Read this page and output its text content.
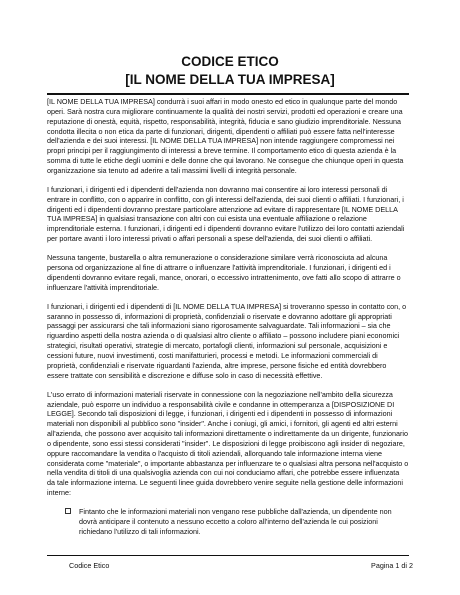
CODICE ETICO
[IL NOME DELLA TUA IMPRESA]

[IL NOME DELLA TUA IMPRESA] condurrà i suoi affari in modo onesto ed etico in qualunque parte del mondo operi. Sarà nostra cura migliorare continuamente la qualità dei nostri servizi, prodotti ed operazioni e creare una reputazione di onestà, equità, rispetto, responsabilità, integrità, fiducia e sano giudizio imprenditoriale. Nessuna condotta illecita o non etica da parte di funzionari, dirigenti, dipendenti o affiliati può essere fatta nell'interesse dell'azienda e dei suoi interessi. [IL NOME DELLA TUA IMPRESA] non intende raggiungere compromessi nei propri principi per il raggiungimento di interessi a breve termine. Il comportamento etico di questa azienda è la somma di tutte le etiche degli uomini e delle donne che qui lavorano. Ne consegue che chiunque operi in questa organizzazione sia tenuto ad aderire a tali massimi livelli di integrità personale.

I funzionari, i dirigenti ed i dipendenti dell'azienda non dovranno mai consentire ai loro interessi personali di entrare in conflitto, con o apparire in conflitto, con gli interessi dell'azienda, dei suoi clienti o affiliati. I funzionari, i dirigenti ed i dipendenti dovranno prestare particolare attenzione ad evitare di rappresentare [IL NOME DELLA TUA IMPRESA] in qualsiasi transazione con altri con cui esista una eventuale affiliazione o relazione imprenditoriale esterna. I funzionari, i dirigenti ed i dipendenti dovranno evitare l'utilizzo dei loro contatti aziendali per portare avanti i loro interessi privati o affari personali a spese dell'azienda, dei suoi clienti o affiliati.

Nessuna tangente, bustarella o altra remunerazione o considerazione similare verrà riconosciuta ad alcuna persona od organizzazione al fine di attrarre o influenzare l'attività imprenditoriale. I funzionari, i dirigenti ed i dipendenti dovranno evitare regali, mance, onorari, o eccessivo intrattenimento, ove fatti allo scopo di attrarre o influenzare l'attività imprenditoriale.

I funzionari, i dirigenti ed i dipendenti di [IL NOME DELLA TUA IMPRESA] si troveranno spesso in contatto con, o saranno in possesso di, informazioni di proprietà, confidenziali o riservate e dovranno adottare gli appropriati passaggi per assicurarsi che tali informazioni siano rigorosamente salvaguardate. Tali informazioni – sia che riguardino aspetti della nostra azienda o di qualsiasi altro cliente o affiliato – possono includere piani economici strategici, risultati operativi, strategie di mercato, portafogli clienti, informazioni sul personale, acquisizioni e cessioni future, nuovi investimenti, costi manifatturieri, processi e metodi. Le informazioni commerciali di proprietà, confidenziali e riservate riguardanti l'azienda, altre imprese, persone fisiche ed entità dovrebbero essere trattate con sensibilità e discrezione e diffuse solo in caso di necessità effettive.

L'uso errato di informazioni materiali riservate in connessione con la negoziazione nell'ambito della sicurezza aziendale, può esporre un individuo a responsabilità civile e condanne in ottemperanza a [DISPOSIZIONE DI LEGGE]. Secondo tali disposizioni di legge, i funzionari, i dirigenti ed i dipendenti in possesso di informazioni materiali non disponibili al pubblico sono "insider". Anche i coniugi, gli amici, i fornitori, gli agenti ed altri esterni all'azienda, che possono aver acquisito tali informazioni direttamente o indirettamente da un dirigente, funzionario o dipendente, sono essi stessi considerati "insider". Le disposizioni di legge proibiscono agli insider di negoziare, oppure raccomandare la vendita o l'acquisto di titoli aziendali, allorquando tale informazione interna viene considerata come "materiale", o importante abbastanza per influenzare te o qualsiasi altra persona nell'acquisto o nella vendita di titoli di una qualsivoglia azienda con cui noi conduciamo affari, che potrebbe essere influenzata da tale informazione interna. Le seguenti linee guida dovrebbero venire seguite nella gestione delle informazioni interne:

Fintanto che le informazioni materiali non vengano rese pubbliche dall'azienda, un dipendente non dovrà anticipare il contenuto a nessuno eccetto a coloro all'interno dell'azienda le cui posizioni richiedano l'utilizzo di tali informazioni.
Codice Etico	Pagina 1 di 2
